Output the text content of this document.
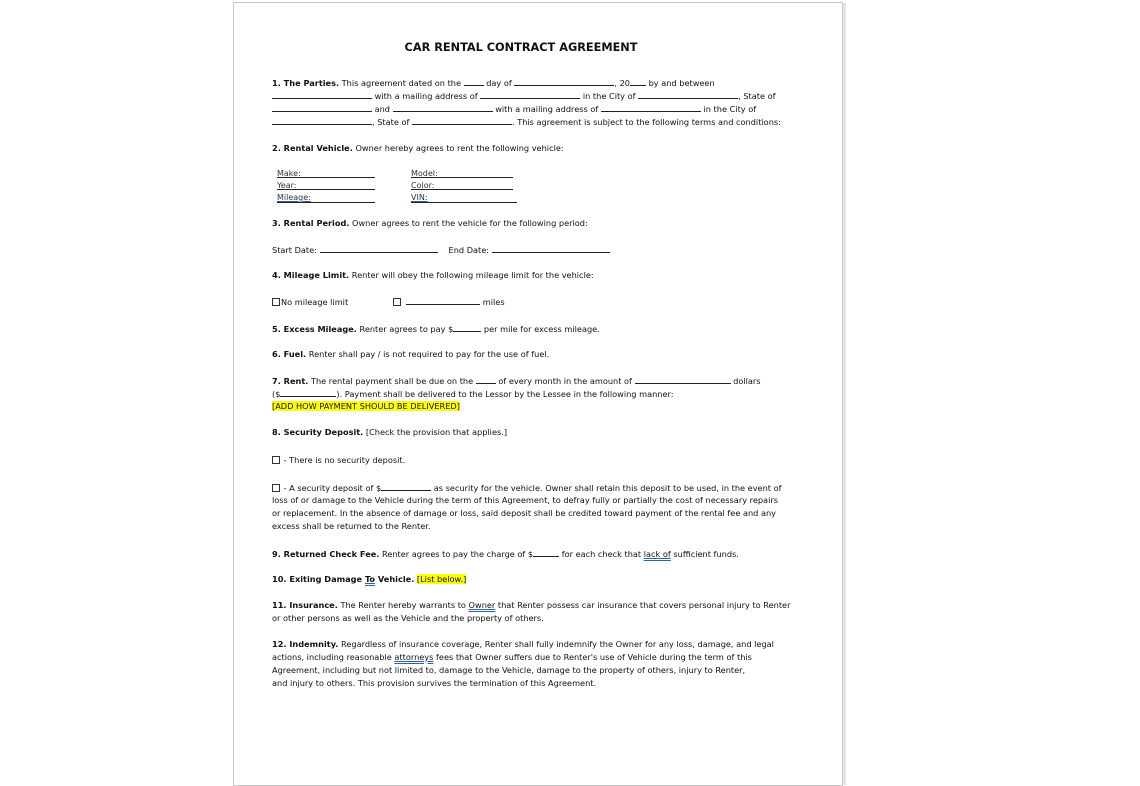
CAR RENTAL CONTRACT AGREEMENT
1. The Parties. This agreement dated on the  day of	, 20 by and between
with a mailing address of	in the City of	, State of
and	with a mailing address of	in the City of
, State of	. This agreement is subject to the following terms and conditions:
2. Rental Vehicle. Owner hereby agrees to rent the following vehicle:
Make:	Model:
Year:	Color:
Mileage:	VIN:
3. Rental Period. Owner agrees to rent the vehicle for the following period:
Start Date:	End Date:
4. Mileage Limit. Renter will obey the following mileage limit for the vehicle:
No mileage limit	miles
5. Excess Mileage. Renter agrees to pay $	per mile for excess mileage.
6. Fuel. Renter shall pay / is not required to pay for the use of fuel.
7. Rent. The rental payment shall be due on the  of every month in the amount of	dollars
($	). Payment shall be delivered to the Lessor by the Lessee in the following manner:
[ADD HOW PAYMENT SHOULD BE DELIVERED]
8. Security Deposit. [Check the provision that applies.]
- There is no security deposit.
- A security deposit of $	as security for the vehicle. Owner shall retain this deposit to be used, in the event of
loss of or damage to the Vehicle during the term of this Agreement, to defray fully or partially the cost of necessary repairs
or replacement. In the absence of damage or loss, said deposit shall be credited toward payment of the rental fee and any
excess shall be returned to the Renter.
9. Returned Check Fee. Renter agrees to pay the charge of $	for each check that lack of sufficient funds.
10. Exiting Damage To Vehicle. [List below.]
11. Insurance. The Renter hereby warrants to Owner that Renter possess car insurance that covers personal injury to Renter
or other persons as well as the Vehicle and the property of others.
12. Indemnity. Regardless of insurance coverage, Renter shall fully indemnify the Owner for any loss, damage, and legal
actions, including reasonable attorneys fees that Owner suffers due to Renter's use of Vehicle during the term of this
Agreement, including but not limited to, damage to the Vehicle, damage to the property of others, injury to Renter,
and injury to others. This provision survives the termination of this Agreement.
